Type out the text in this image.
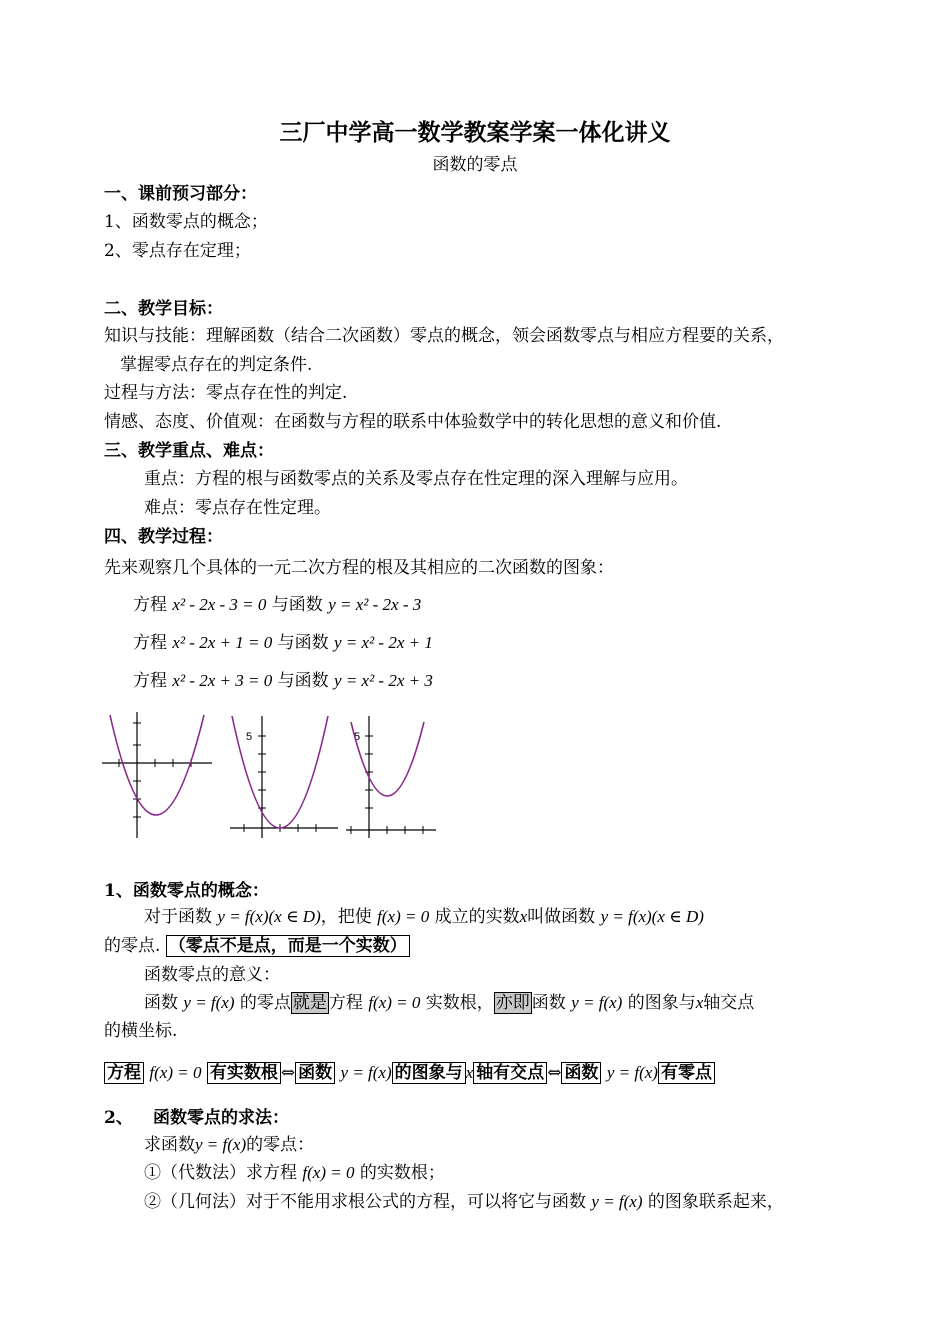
三厂中学高一数学教案学案一体化讲义
函数的零点
一、课前预习部分：
1、函数零点的概念；
2、零点存在定理；
二、教学目标：
知识与技能：理解函数（结合二次函数）零点的概念，领会函数零点与相应方程要的关系，
掌握零点存在的判定条件.
过程与方法：零点存在性的判定.
情感、态度、价值观：在函数与方程的联系中体验数学中的转化思想的意义和价值.
三、教学重点、难点：
重点：方程的根与函数零点的关系及零点存在性定理的深入理解与应用。
难点：零点存在性定理。
四、教学过程：
先来观察几个具体的一元二次方程的根及其相应的二次函数的图象：
方程 x² - 2x - 3 = 0 与函数 y = x² - 2x - 3
方程 x² - 2x + 1 = 0 与函数 y = x² - 2x + 1
方程 x² - 2x + 3 = 0 与函数 y = x² - 2x + 3
5	5
1、函数零点的概念：
对于函数 y = f(x)(x ∈ D)，把使 f(x) = 0 成立的实数x叫做函数 y = f(x)(x ∈ D)
的零点. （零点不是点，而是一个实数）
函数零点的意义：
函数 y = f(x) 的零点 就是 方程 f(x) = 0 实数根， 亦即 函数 y = f(x) 的图象与x轴交点
的横坐标.
方程 f(x) = 0 有实数根 ⇔ 函数 y = f(x) 的图象与 x 轴有交点 ⇔ 函数 y = f(x) 有零点
2、 函数零点的求法：
求函数y = f(x)的零点：
①（代数法）求方程 f(x) = 0 的实数根；
②（几何法）对于不能用求根公式的方程，可以将它与函数 y = f(x) 的图象联系起来，
